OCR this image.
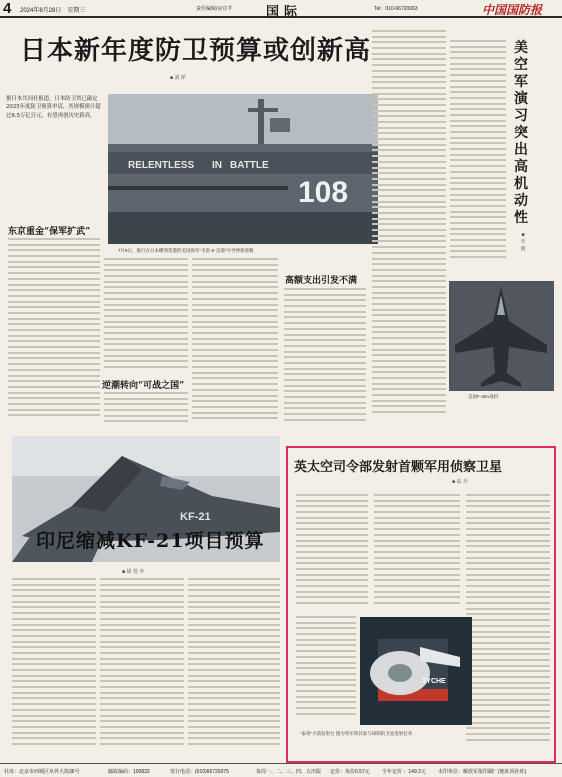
4 2024年8月28日　星期三	责任编辑/房宜芊	国际	Tel：010-66720063	中国国防报
日本新年度防卫预算或创新高
■ 刘 萍
据日本共同社报道，日本防卫省已敲定2025年度防卫预算申请，其规模预计超过8.5万亿日元，有望再创历史新高。
RELENTLESS IN BATTLE
108
7月9日，航行在日本横须贺港的美国海军“韦恩·E·迈耶”号导弹驱逐舰
东京重金“保军扩武”
逆潮转向“可战之国”
高额支出引发不满
美
空
军
演
习
突
出
高
机
动
性
■ 辛 南
美国F-35A战机
KF-21
印尼缩减KF-21项目预算
■ 胡 萱 亭
英太空司令部发射首颗军用侦察卫星
■ 高 升
TYCHE
“泰蒂”火箭发射台 图为英军将其参与研制的卫星发射任务
社址：北京市西城区阜外大街36号	邮政编码：100832	发行电话：(010)66720075	每周一、二、三、四、五出版 定价：每份0.57元 全年定价 ：149.2元 本印单位：解放军报印刷厂(地址同社址)
